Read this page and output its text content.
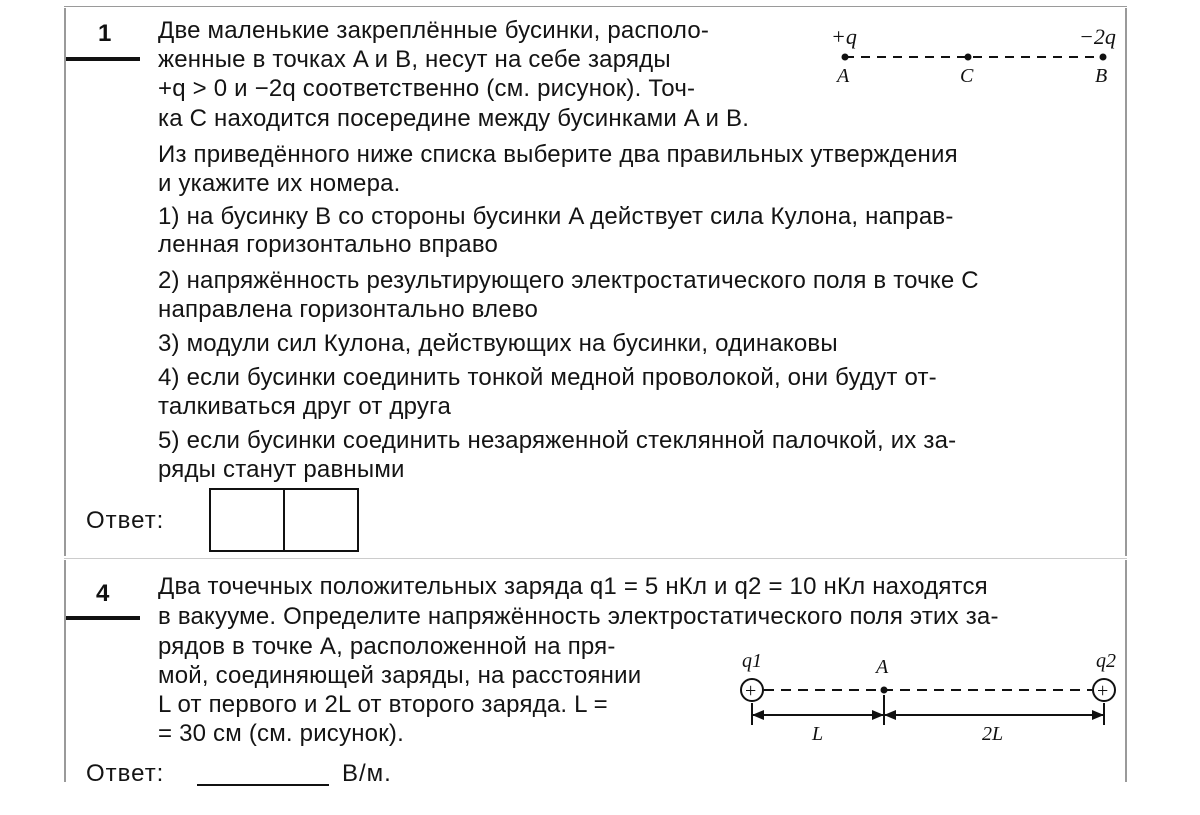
1 Две маленькие закреплённые бусинки, располо-
женные в точках A и B, несут на себе заряды
+q > 0 и −2q соответственно (см. рисунок). Точ-
ка C находится посередине между бусинками A и B.
Из приведённого ниже списка выберите два правильных утверждения
и укажите их номера.
1) на бусинку B со стороны бусинки A действует сила Кулона, направ-
ленная горизонтально вправо
2) напряжённость результирующего электростатического поля в точке C
направлена горизонтально влево
3) модули сил Кулона, действующих на бусинки, одинаковы
4) если бусинки соединить тонкой медной проволокой, они будут от-
талкиваться друг от друга
5) если бусинки соединить незаряженной стеклянной палочкой, их за-
ряды станут равными
+q	−2q
A	C	B
Ответ:
4 Два точечных положительных заряда q1 = 5 нКл и q2 = 10 нКл находятся
в вакууме. Определите напряжённость электростатического поля этих за-
рядов в точке A, расположенной на пря-
мой, соединяющей заряды, на расстоянии
L от первого и 2L от второго заряда. L =
= 30 см (см. рисунок).
+	+
q1	q2
A
L	2L
Ответ:	В/м.
